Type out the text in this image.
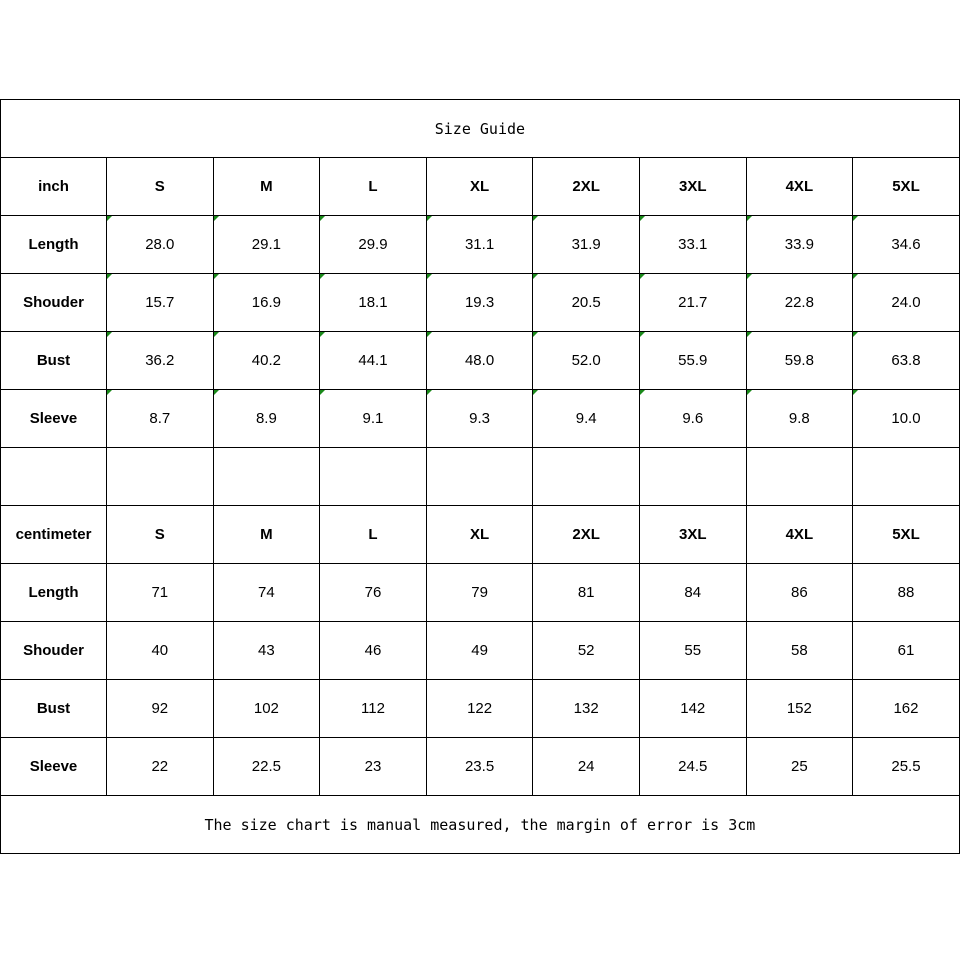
Size Guide								
inch	S	M	L	XL	2XL	3XL	4XL	5XL
Length	28.0	29.1	29.9	31.1	31.9	33.1	33.9	34.6
Shouder	15.7	16.9	18.1	19.3	20.5	21.7	22.8	24.0
Bust	36.2	40.2	44.1	48.0	52.0	55.9	59.8	63.8
Sleeve	8.7	8.9	9.1	9.3	9.4	9.6	9.8	10.0

centimeter	S	M	L	XL	2XL	3XL	4XL	5XL
Length	71	74	76	79	81	84	86	88
Shouder	40	43	46	49	52	55	58	61
Bust	92	102	112	122	132	142	152	162
Sleeve	22	22.5	23	23.5	24	24.5	25	25.5
The size chart is manual measured, the margin of error is 3cm								
